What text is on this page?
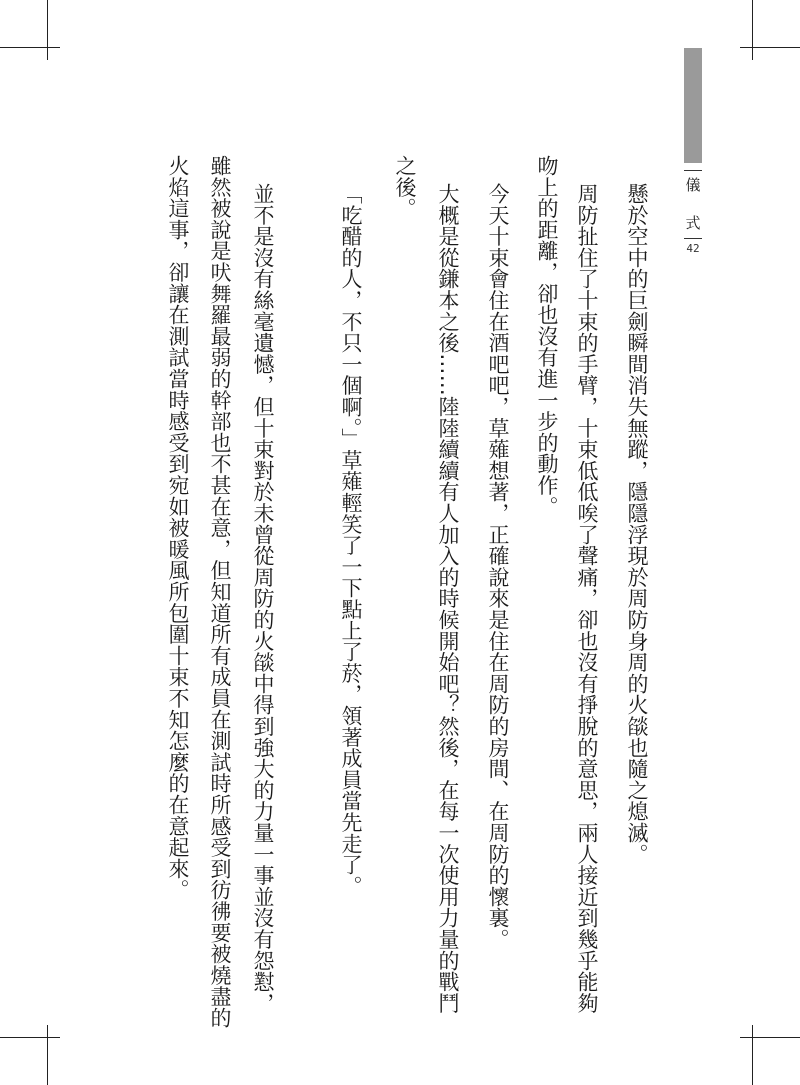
儀
式
42
懸於空中的巨劍瞬間消失無蹤，隱隱浮現於周防身周的火燄也隨之熄滅。
周防扯住了十束的手臂，十束低低唉了聲痛，卻也沒有掙脫的意思，兩人接近到幾乎能夠
吻上的距離，卻也沒有進一步的動作。
今天十束會住在酒吧吧，草薙想著，正確說來是住在周防的房間、在周防的懷裏。
大概是從鎌本之後……陸陸續續有人加入的時候開始吧？然後，在每一次使用力量的戰鬥
之後。
「吃醋的人，不只一個啊。」草薙輕笑了一下點上了菸，領著成員當先走了。
並不是沒有絲毫遺憾，但十束對於未曾從周防的火燄中得到強大的力量一事並沒有怨懟，
雖然被說是吠舞羅最弱的幹部也不甚在意，但知道所有成員在測試時所感受到彷彿要被燒盡的
火焰這事，卻讓在測試當時感受到宛如被暖風所包圍十束不知怎麼的在意起來。
